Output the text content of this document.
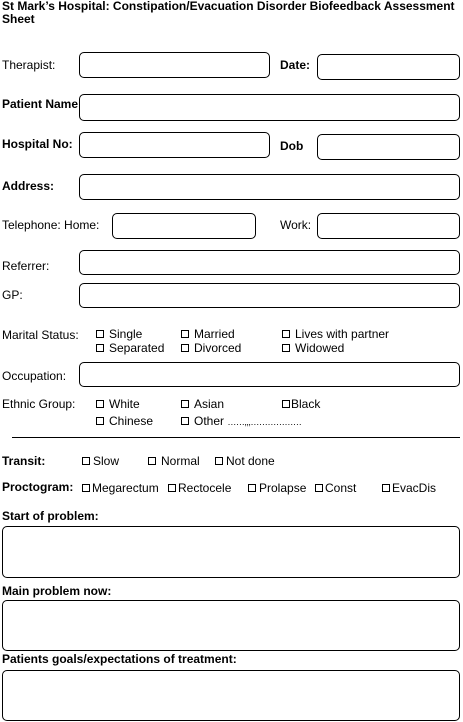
St Mark’s Hospital: Constipation/Evacuation Disorder Biofeedback Assessment Sheet
Therapist:	Date:
Patient Name
Hospital No:	Dob
Address:
Telephone: Home:	Work:
Referrer:
GP:
Marital Status:	Single	Married	Lives with partner
Separated	Divorced	Widowed
Occupation:
Ethnic Group:	White	Asian	Black
Chinese	Other ……,,,………………
Transit:	Slow	Normal	Not done
Proctogram:	Megarectum	Rectocele	Prolapse	Const	EvacDis
Start of problem:
Main problem now:
Patients goals/expectations of treatment:
